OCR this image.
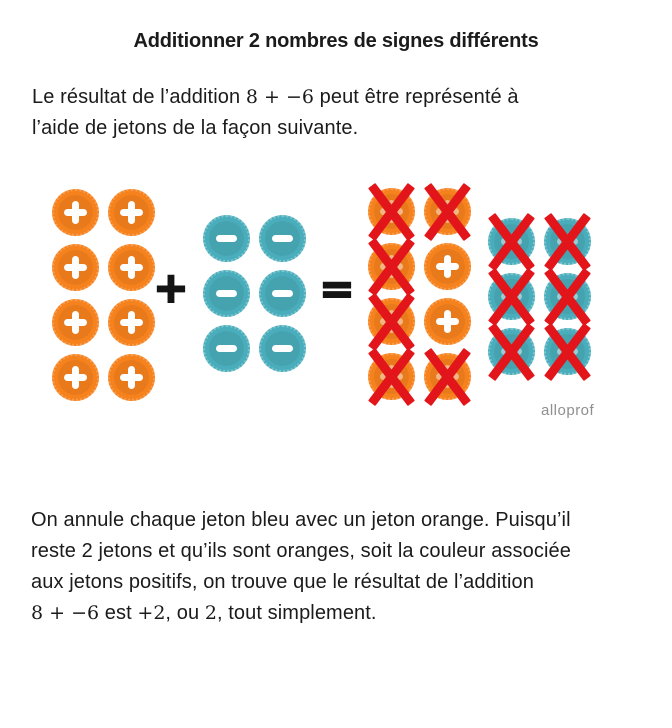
Additionner 2 nombres de signes différents

Le résultat de l’addition 8 + −6 peut être représenté à
l’aide de jetons de la façon suivante.

+	=
alloprof

On annule chaque jeton bleu avec un jeton orange. Puisqu’il
reste 2 jetons et qu’ils sont oranges, soit la couleur associée
aux jetons positifs, on trouve que le résultat de l’addition
8 + −6 est +2, ou 2, tout simplement.
